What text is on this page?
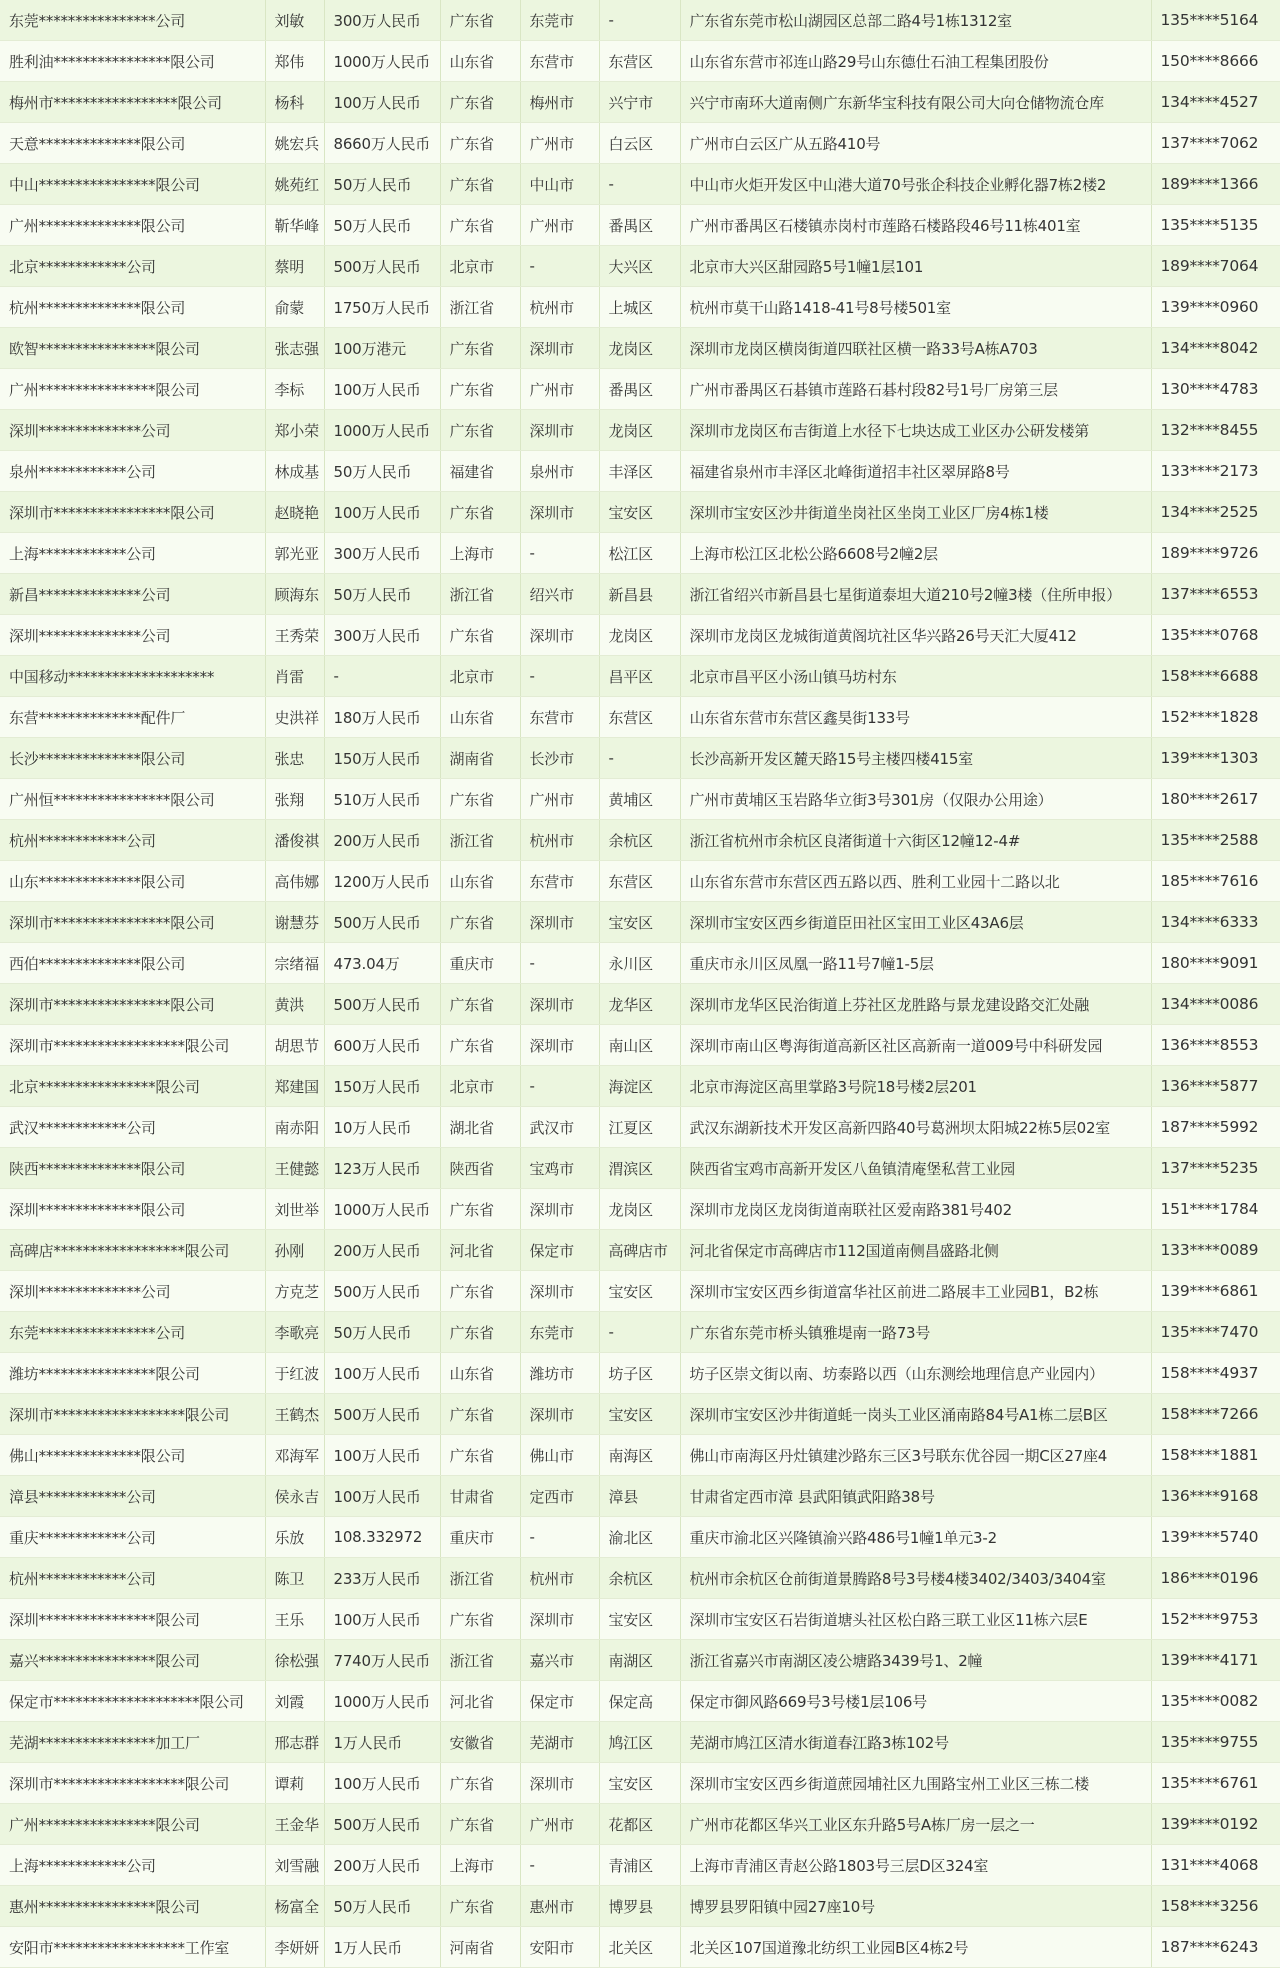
东莞****************公司	刘敏	300万人民币	广东省	东莞市	-	广东省东莞市松山湖园区总部二路4号1栋1312室	135****5164
胜利油****************限公司	郑伟	1000万人民币	山东省	东营市	东营区	山东省东营市祁连山路29号山东德仕石油工程集团股份	150****8666
梅州市*****************限公司	杨科	100万人民币	广东省	梅州市	兴宁市	兴宁市南环大道南侧广东新华宝科技有限公司大向仓储物流仓库	134****4527
天意**************限公司	姚宏兵	8660万人民币	广东省	广州市	白云区	广州市白云区广从五路410号	137****7062
中山****************限公司	姚苑红	50万人民币	广东省	中山市	-	中山市火炬开发区中山港大道70号张企科技企业孵化器7栋2楼2	189****1366
广州**************限公司	靳华峰	50万人民币	广东省	广州市	番禺区	广州市番禺区石楼镇赤岗村市莲路石楼路段46号11栋401室	135****5135
北京************公司	蔡明	500万人民币	北京市	-	大兴区	北京市大兴区甜园路5号1幢1层101	189****7064
杭州**************限公司	俞蒙	1750万人民币	浙江省	杭州市	上城区	杭州市莫干山路1418-41号8号楼501室	139****0960
欧智****************限公司	张志强	100万港元	广东省	深圳市	龙岗区	深圳市龙岗区横岗街道四联社区横一路33号A栋A703	134****8042
广州****************限公司	李标	100万人民币	广东省	广州市	番禺区	广州市番禺区石碁镇市莲路石碁村段82号1号厂房第三层	130****4783
深圳**************公司	郑小荣	1000万人民币	广东省	深圳市	龙岗区	深圳市龙岗区布吉街道上水径下七块达成工业区办公研发楼第	132****8455
泉州************公司	林成基	50万人民币	福建省	泉州市	丰泽区	福建省泉州市丰泽区北峰街道招丰社区翠屏路8号	133****2173
深圳市****************限公司	赵晓艳	100万人民币	广东省	深圳市	宝安区	深圳市宝安区沙井街道坐岗社区坐岗工业区厂房4栋1楼	134****2525
上海************公司	郭光亚	300万人民币	上海市	-	松江区	上海市松江区北松公路6608号2幢2层	189****9726
新昌**************公司	顾海东	50万人民币	浙江省	绍兴市	新昌县	浙江省绍兴市新昌县七星街道泰坦大道210号2幢3楼（住所申报）	137****6553
深圳**************公司	王秀荣	300万人民币	广东省	深圳市	龙岗区	深圳市龙岗区龙城街道黄阁坑社区华兴路26号天汇大厦412	135****0768
中国移动********************	肖雷	-	北京市	-	昌平区	北京市昌平区小汤山镇马坊村东	158****6688
东营**************配件厂	史洪祥	180万人民币	山东省	东营市	东营区	山东省东营市东营区鑫昊街133号	152****1828
长沙**************限公司	张忠	150万人民币	湖南省	长沙市	-	长沙高新开发区麓天路15号主楼四楼415室	139****1303
广州恒****************限公司	张翔	510万人民币	广东省	广州市	黄埔区	广州市黄埔区玉岩路华立街3号301房（仅限办公用途）	180****2617
杭州************公司	潘俊祺	200万人民币	浙江省	杭州市	余杭区	浙江省杭州市余杭区良渚街道十六街区12幢12-4#	135****2588
山东**************限公司	高伟娜	1200万人民币	山东省	东营市	东营区	山东省东营市东营区西五路以西、胜利工业园十二路以北	185****7616
深圳市****************限公司	谢慧芬	500万人民币	广东省	深圳市	宝安区	深圳市宝安区西乡街道臣田社区宝田工业区43A6层	134****6333
西伯**************限公司	宗绪福	473.04万	重庆市	-	永川区	重庆市永川区凤凰一路11号7幢1-5层	180****9091
深圳市****************限公司	黄洪	500万人民币	广东省	深圳市	龙华区	深圳市龙华区民治街道上芬社区龙胜路与景龙建设路交汇处融	134****0086
深圳市******************限公司	胡思节	600万人民币	广东省	深圳市	南山区	深圳市南山区粤海街道高新区社区高新南一道009号中科研发园	136****8553
北京****************限公司	郑建国	150万人民币	北京市	-	海淀区	北京市海淀区高里掌路3号院18号楼2层201	136****5877
武汉************公司	南赤阳	10万人民币	湖北省	武汉市	江夏区	武汉东湖新技术开发区高新四路40号葛洲坝太阳城22栋5层02室	187****5992
陕西**************限公司	王健懿	123万人民币	陕西省	宝鸡市	渭滨区	陕西省宝鸡市高新开发区八鱼镇清庵堡私营工业园	137****5235
深圳**************限公司	刘世举	1000万人民币	广东省	深圳市	龙岗区	深圳市龙岗区龙岗街道南联社区爱南路381号402	151****1784
高碑店******************限公司	孙刚	200万人民币	河北省	保定市	高碑店市	河北省保定市高碑店市112国道南侧昌盛路北侧	133****0089
深圳**************公司	方克芝	500万人民币	广东省	深圳市	宝安区	深圳市宝安区西乡街道富华社区前进二路展丰工业园B1，B2栋	139****6861
东莞****************公司	李歌亮	50万人民币	广东省	东莞市	-	广东省东莞市桥头镇雅堤南一路73号	135****7470
潍坊****************限公司	于红波	100万人民币	山东省	潍坊市	坊子区	坊子区崇文街以南、坊泰路以西（山东测绘地理信息产业园内）	158****4937
深圳市******************限公司	王鹤杰	500万人民币	广东省	深圳市	宝安区	深圳市宝安区沙井街道蚝一岗头工业区涌南路84号A1栋二层B区	158****7266
佛山**************限公司	邓海军	100万人民币	广东省	佛山市	南海区	佛山市南海区丹灶镇建沙路东三区3号联东优谷园一期C区27座4	158****1881
漳县************公司	侯永吉	100万人民币	甘肃省	定西市	漳县	甘肃省定西市漳 县武阳镇武阳路38号	136****9168
重庆************公司	乐放	108.332972	重庆市	-	渝北区	重庆市渝北区兴隆镇渝兴路486号1幢1单元3-2	139****5740
杭州************公司	陈卫	233万人民币	浙江省	杭州市	余杭区	杭州市余杭区仓前街道景腾路8号3号楼4楼3402/3403/3404室	186****0196
深圳****************限公司	王乐	100万人民币	广东省	深圳市	宝安区	深圳市宝安区石岩街道塘头社区松白路三联工业区11栋六层E	152****9753
嘉兴****************限公司	徐松强	7740万人民币	浙江省	嘉兴市	南湖区	浙江省嘉兴市南湖区凌公塘路3439号1、2幢	139****4171
保定市********************限公司	刘霞	1000万人民币	河北省	保定市	保定高	保定市御风路669号3号楼1层106号	135****0082
芜湖****************加工厂	邢志群	1万人民币	安徽省	芜湖市	鸠江区	芜湖市鸠江区清水街道春江路3栋102号	135****9755
深圳市******************限公司	谭莉	100万人民币	广东省	深圳市	宝安区	深圳市宝安区西乡街道蔗园埔社区九围路宝州工业区三栋二楼	135****6761
广州****************限公司	王金华	500万人民币	广东省	广州市	花都区	广州市花都区华兴工业区东升路5号A栋厂房一层之一	139****0192
上海************公司	刘雪融	200万人民币	上海市	-	青浦区	上海市青浦区青赵公路1803号三层D区324室	131****4068
惠州****************限公司	杨富全	50万人民币	广东省	惠州市	博罗县	博罗县罗阳镇中园27座10号	158****3256
安阳市******************工作室	李妍妍	1万人民币	河南省	安阳市	北关区	北关区107国道豫北纺织工业园B区4栋2号	187****6243
